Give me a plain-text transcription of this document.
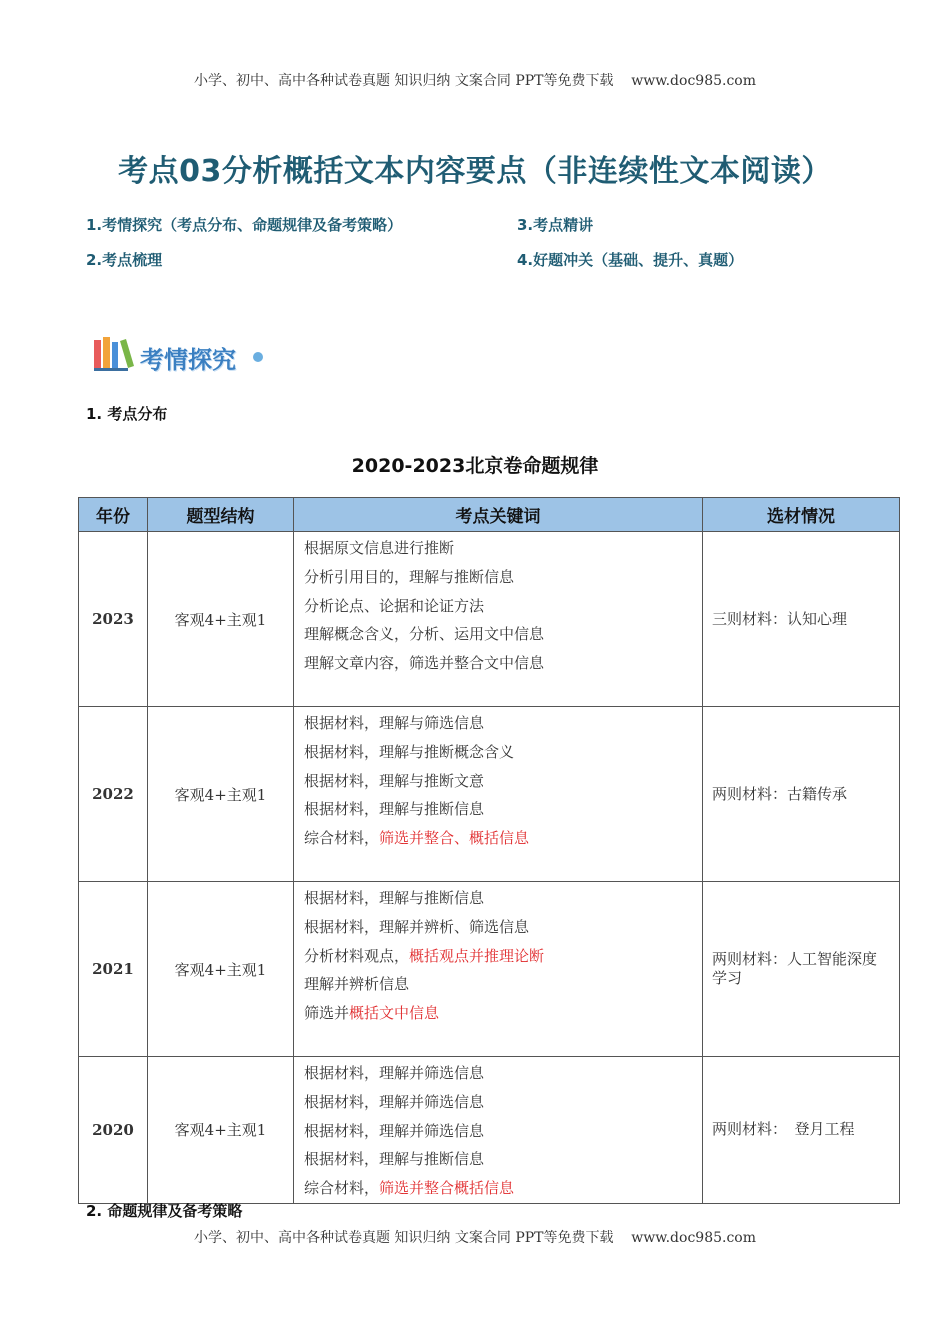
小学、初中、高中各种试卷真题 知识归纳 文案合同 PPT等免费下载    www.doc985.com
考点03分析概括文本内容要点（非连续性文本阅读）
1.考情探究（考点分布、命题规律及备考策略）
2.考点梳理
3.考点精讲
4.好题冲关（基础、提升、真题）
考情探究
1. 考点分布
2020-2023北京卷命题规律
年份	题型结构	考点关键词	选材情况
2023	客观4+主观1	根据原文信息进行推断
分析引用目的，理解与推断信息
分析论点、论据和论证方法
理解概念含义，分析、运用文中信息
理解文章内容，筛选并整合文中信息	三则材料：认知心理
2022	客观4+主观1	根据材料，理解与筛选信息
根据材料，理解与推断概念含义
根据材料，理解与推断文意
根据材料，理解与推断信息
综合材料，筛选并整合、概括信息	两则材料：古籍传承
2021	客观4+主观1	根据材料，理解与推断信息
根据材料，理解并辨析、筛选信息
分析材料观点，概括观点并推理论断
理解并辨析信息
筛选并概括文中信息	两则材料：人工智能深度学习
2020	客观4+主观1	根据材料，理解并筛选信息
根据材料，理解并筛选信息
根据材料，理解并筛选信息
根据材料，理解与推断信息
综合材料，筛选并整合概括信息	两则材料：　登月工程
2. 命题规律及备考策略
小学、初中、高中各种试卷真题 知识归纳 文案合同 PPT等免费下载    www.doc985.com
